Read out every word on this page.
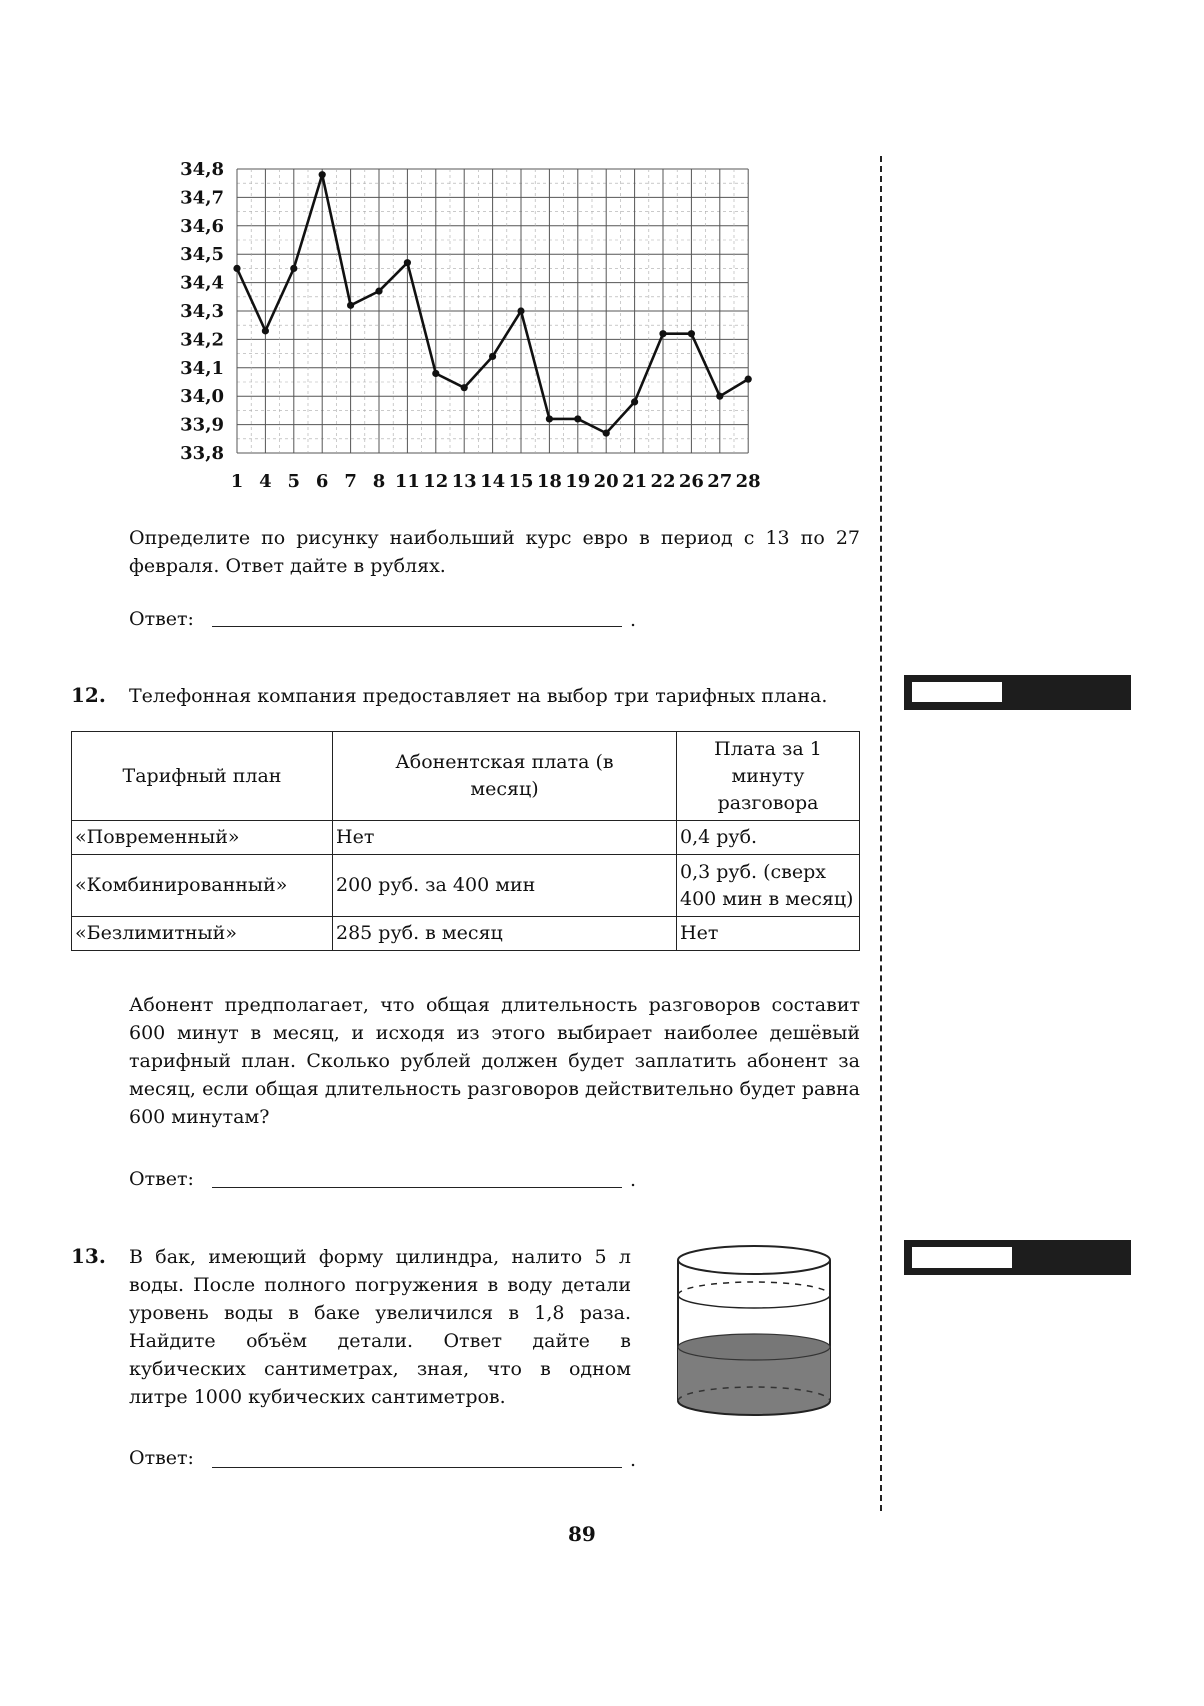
34,8
34,7
34,6
34,5
34,4
34,3
34,2
34,1
34,0
33,9
33,8
1 4 5 6 7 8 11 12 13 14 15 18 19 20 21 22 26 27 28
Определите по рисунку наибольший курс евро в период с 13 по 27 февраля. Ответ дайте в рублях.
Ответ:	.
12. Телефонная компания предоставляет на выбор три тарифных плана.
Тарифный план	Абонентская плата (в месяц)	Плата за 1 минуту разговора
«Повременный»	Нет	0,4 руб.
«Комбинированный»	200 руб. за 400 мин	0,3 руб. (сверх 400 мин в месяц)
«Безлимитный»	285 руб. в месяц	Нет
Абонент предполагает, что общая длительность разговоров составит 600 минут в месяц, и исходя из этого выбирает наиболее дешёвый тарифный план. Сколько рублей должен будет заплатить абонент за месяц, если общая длительность разговоров действительно будет равна 600 минутам?
Ответ:	.
13. В бак, имеющий форму цилиндра, налито 5 л воды. После полного погружения в воду детали уровень воды в баке увеличился в 1,8 раза. Найдите объём детали. Ответ дайте в кубических сантиметрах, зная, что в одном литре 1000 кубических сантиметров.
Ответ:	.
89
